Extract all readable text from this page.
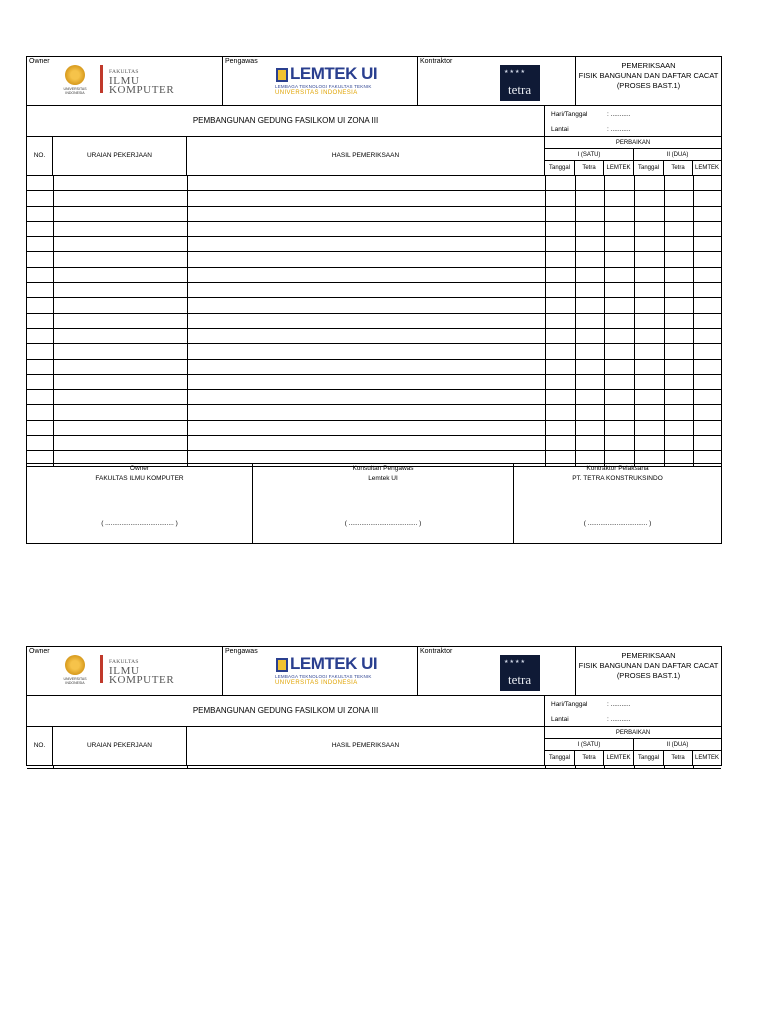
Owner
UNIVERSITAS INDONESIA
FAKULTAS
ILMU
KOMPUTER
Pengawas
LEMTEK UI
LEMBAGA TEKNOLOGI FAKULTAS TEKNIK
UNIVERSITAS INDONESIA
Kontraktor
★★★★
tetra
PEMERIKSAAN
FISIK BANGUNAN DAN DAFTAR CACAT
(PROSES BAST.1)
PEMBANGUNAN GEDUNG FASILKOM UI ZONA III
Hari/Tanggal	: ...........
Lantai	: ...........
NO.	URAIAN PEKERJAAN	HASIL PEMERIKSAAN
PERBAIKAN
I (SATU)	II (DUA)
Tanggal	Tetra	LEMTEK	Tanggal	Tetra	LEMTEK
Owner
FAKULTAS ILMU KOMPUTER
( ...................................... )
Konsultan Pengawas
Lemtek UI
( ...................................... )
Kontraktor Pelaksana
PT. TETRA KONSTRUKSINDO
( ................................. )
Owner
UNIVERSITAS INDONESIA
FAKULTAS
ILMU
KOMPUTER
Pengawas
LEMTEK UI
LEMBAGA TEKNOLOGI FAKULTAS TEKNIK
UNIVERSITAS INDONESIA
Kontraktor
★★★★
tetra
PEMERIKSAAN
FISIK BANGUNAN DAN DAFTAR CACAT
(PROSES BAST.1)
PEMBANGUNAN GEDUNG FASILKOM UI ZONA III
Hari/Tanggal	: ...........
Lantai	: ...........
NO.	URAIAN PEKERJAAN	HASIL PEMERIKSAAN
PERBAIKAN
I (SATU)	II (DUA)
Tanggal	Tetra	LEMTEK	Tanggal	Tetra	LEMTEK
